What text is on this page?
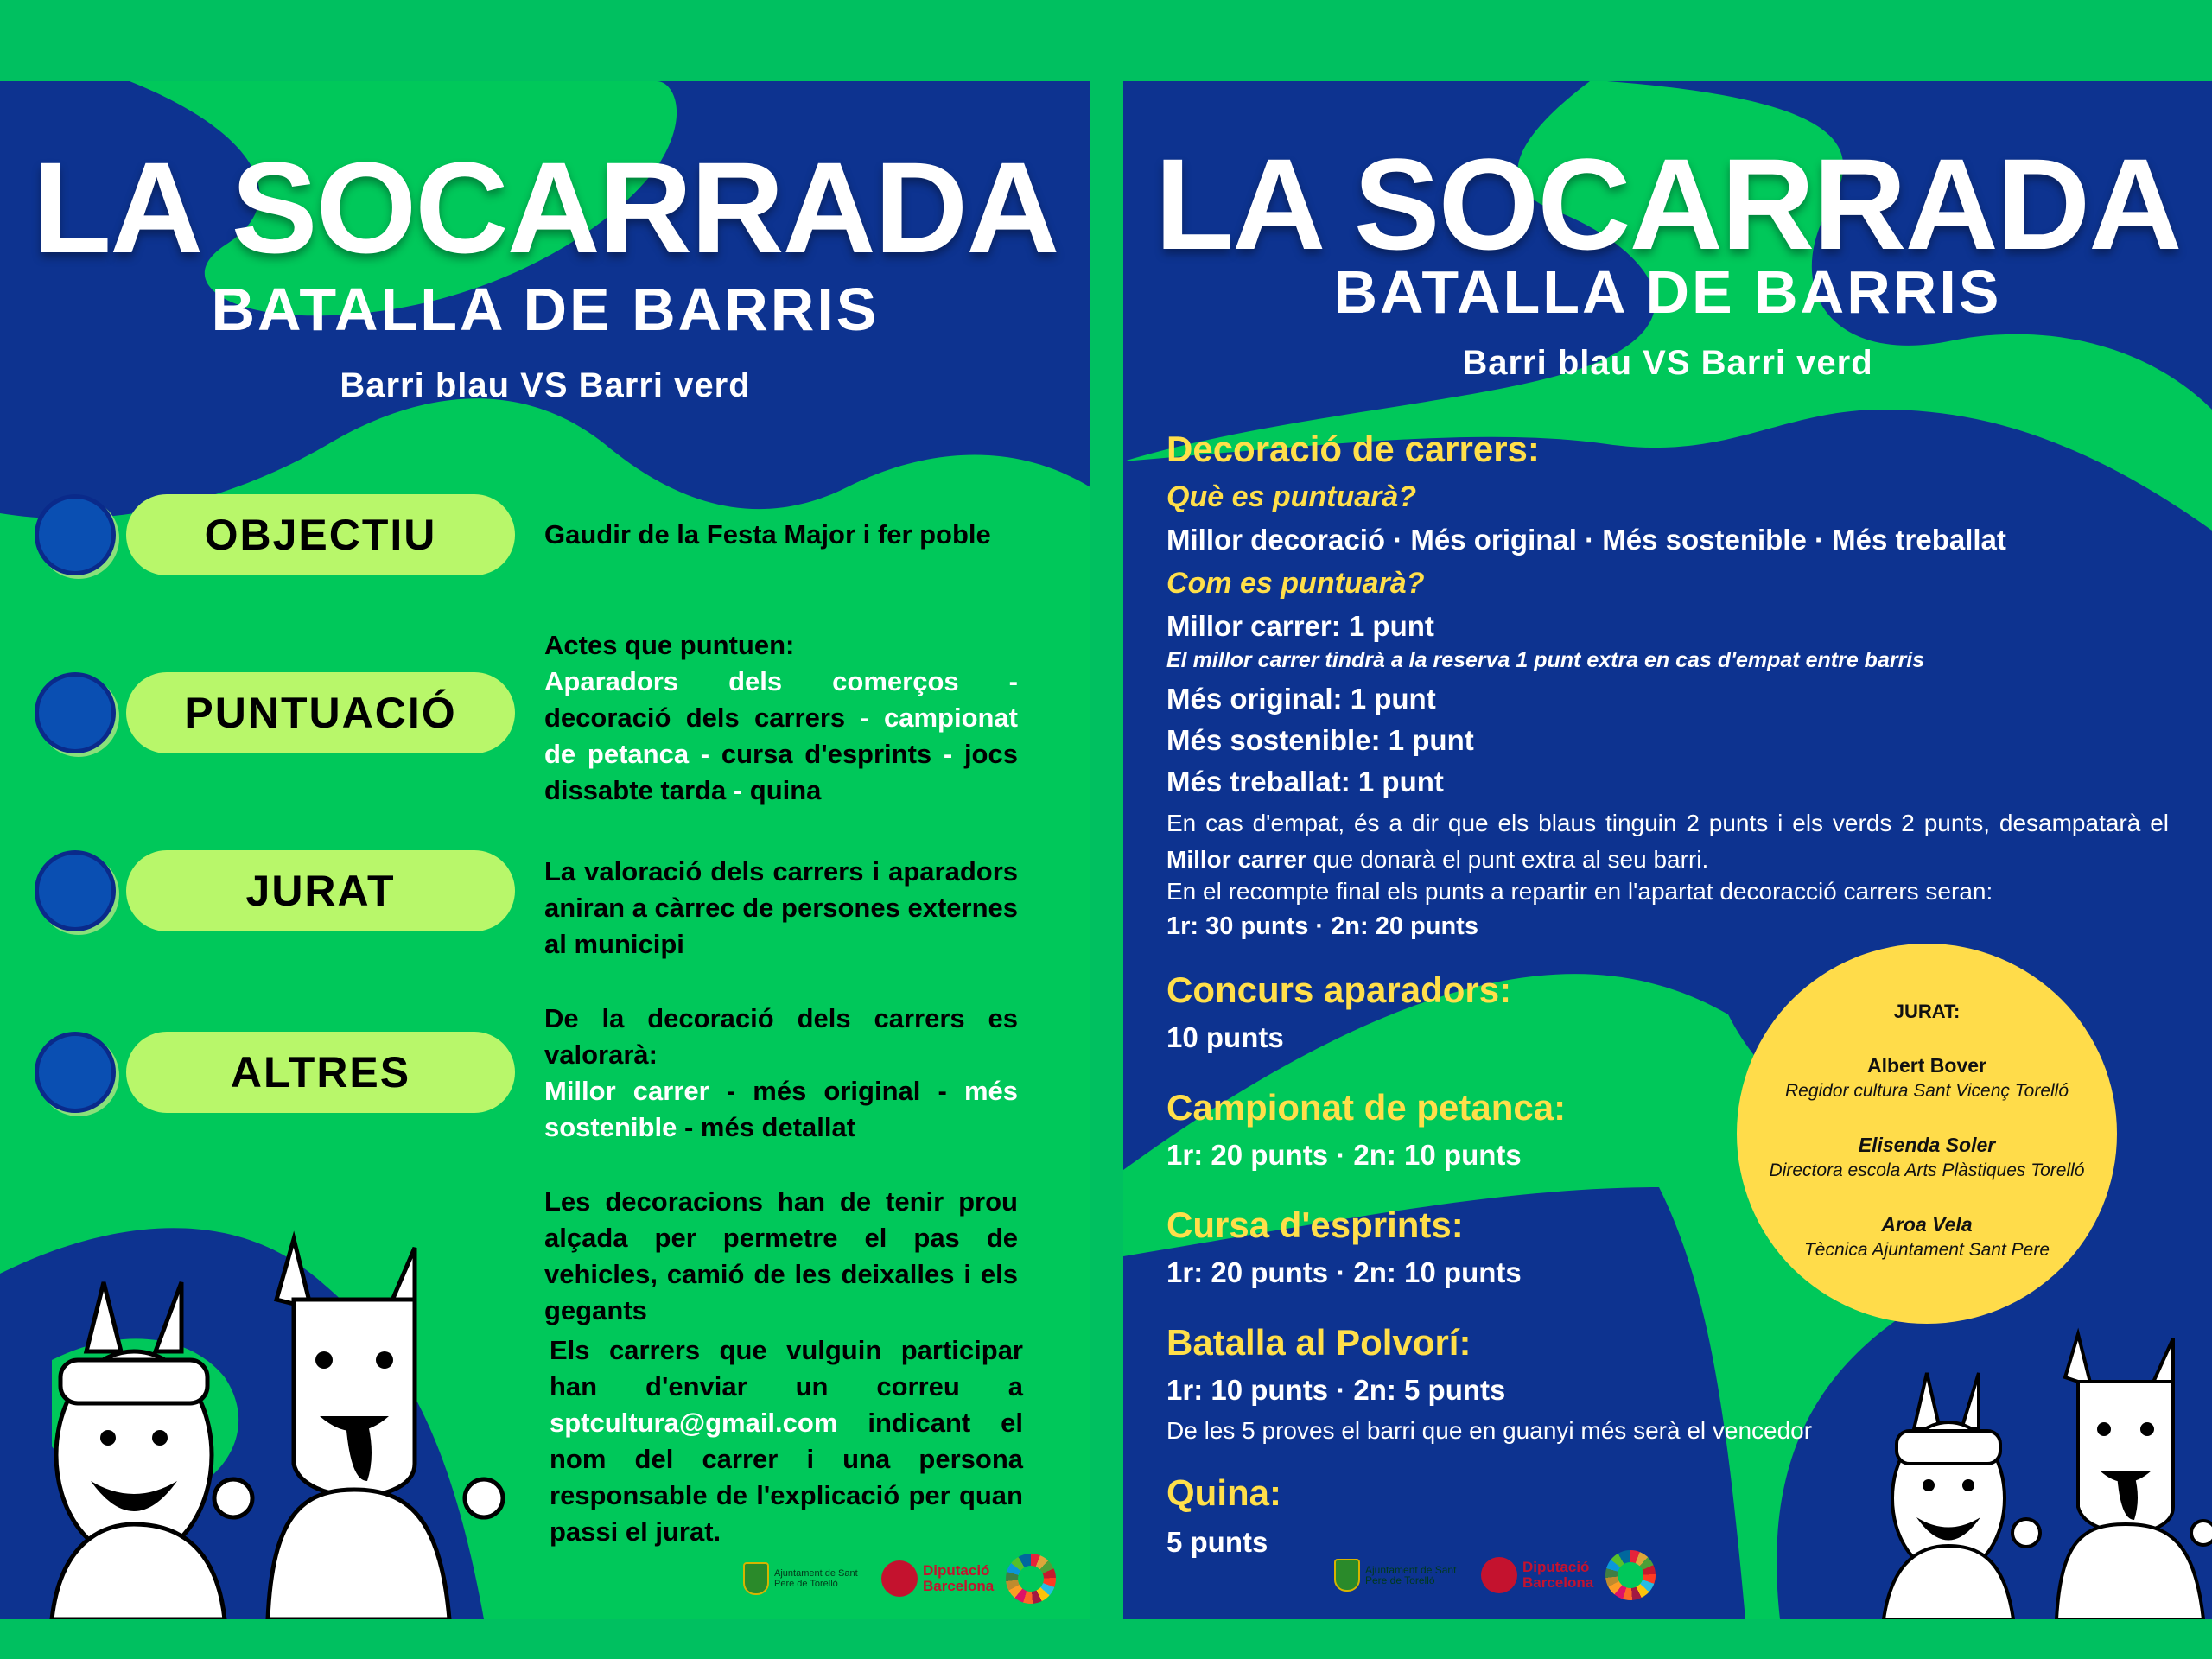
LA SOCARRADA
BATALLA DE BARRIS
Barri blau VS Barri verd
OBJECTIU	Gaudir de la Festa Major i fer poble
PUNTUACIÓ
Actes que puntuen:
Aparadors dels comerços - decoració dels carrers - campionat de petanca - cursa d'esprints - jocs dissabte tarda - quina
JURAT	La valoració dels carrers i aparadors aniran a càrrec de persones externes al municipi
ALTRES
De la decoració dels carrers es valorarà:
Millor carrer - més original - més sostenible - més detallat
Les decoracions han de tenir prou alçada per permetre el pas de vehicles, camió de les deixalles i els gegants
Els carrers que vulguin participar han d'enviar un correu a sptcultura@gmail.com indicant el nom del carrer i una persona responsable de l'explicació per quan passi el jurat.
Ajuntament de Sant Pere de Torelló
Diputació
Barcelona
LA SOCARRADA
BATALLA DE BARRIS
Barri blau VS Barri verd
Decoració de carrers:
Què es puntuarà?
Millor decoració · Més original · Més sostenible · Més treballat
Com es puntuarà?
Millor carrer: 1 punt
El millor carrer tindrà a la reserva 1 punt extra en cas d'empat entre barris
Més original: 1 punt
Més sostenible: 1 punt
Més treballat: 1 punt
En cas d'empat, és a dir que els blaus tinguin 2 punts i els verds 2 punts, desampatarà el Millor carrer que donarà el punt extra al seu barri.
En el recompte final els punts a repartir en l'apartat decoracció carrers seran:
1r: 30 punts · 2n: 20 punts
Concurs aparadors:
10 punts
Campionat de petanca:
1r: 20 punts · 2n: 10 punts
Cursa d'esprints:
1r: 20 punts · 2n: 10 punts
Batalla al Polvorí:
1r: 10 punts · 2n: 5 punts
De les 5 proves el barri que en guanyi més serà el vencedor
Quina:
5 punts
JURAT:
Albert Bover
Regidor cultura Sant Vicenç Torelló
Elisenda Soler
Directora escola Arts Plàstiques Torelló
Aroa Vela
Tècnica Ajuntament Sant Pere
Ajuntament de Sant Pere de Torelló
Diputació
Barcelona
